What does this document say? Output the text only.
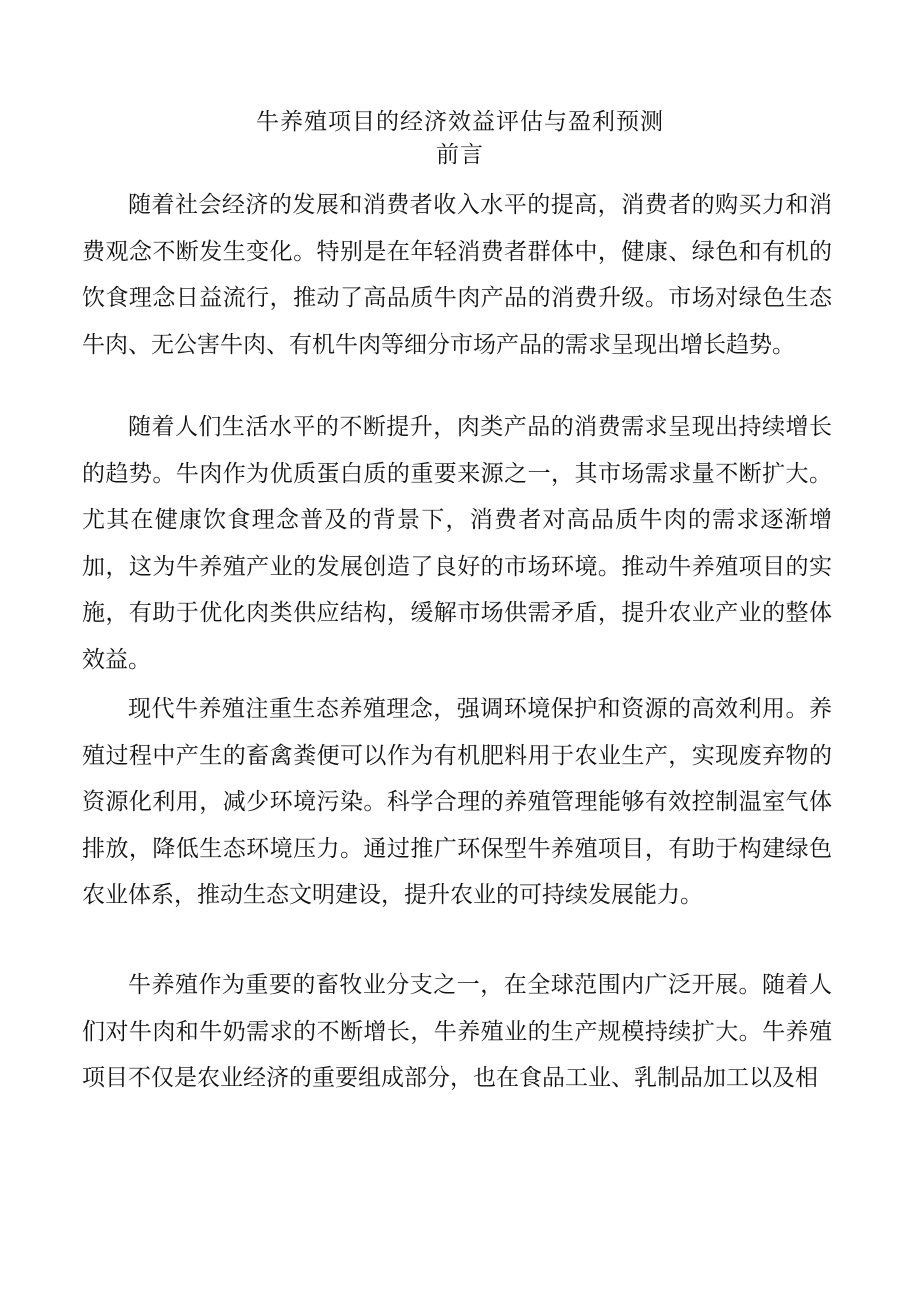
牛养殖项目的经济效益评估与盈利预测
前言

随着社会经济的发展和消费者收入水平的提高，消费者的购买力和消费观念不断发生变化。特别是在年轻消费者群体中，健康、绿色和有机的饮食理念日益流行，推动了高品质牛肉产品的消费升级。市场对绿色生态牛肉、无公害牛肉、有机牛肉等细分市场产品的需求呈现出增长趋势。

随着人们生活水平的不断提升，肉类产品的消费需求呈现出持续增长的趋势。牛肉作为优质蛋白质的重要来源之一，其市场需求量不断扩大。尤其在健康饮食理念普及的背景下，消费者对高品质牛肉的需求逐渐增加，这为牛养殖产业的发展创造了良好的市场环境。推动牛养殖项目的实施，有助于优化肉类供应结构，缓解市场供需矛盾，提升农业产业的整体效益。

现代牛养殖注重生态养殖理念，强调环境保护和资源的高效利用。养殖过程中产生的畜禽粪便可以作为有机肥料用于农业生产，实现废弃物的资源化利用，减少环境污染。科学合理的养殖管理能够有效控制温室气体排放，降低生态环境压力。通过推广环保型牛养殖项目，有助于构建绿色农业体系，推动生态文明建设，提升农业的可持续发展能力。

牛养殖作为重要的畜牧业分支之一，在全球范围内广泛开展。随着人们对牛肉和牛奶需求的不断增长，牛养殖业的生产规模持续扩大。牛养殖项目不仅是农业经济的重要组成部分，也在食品工业、乳制品加工以及相
